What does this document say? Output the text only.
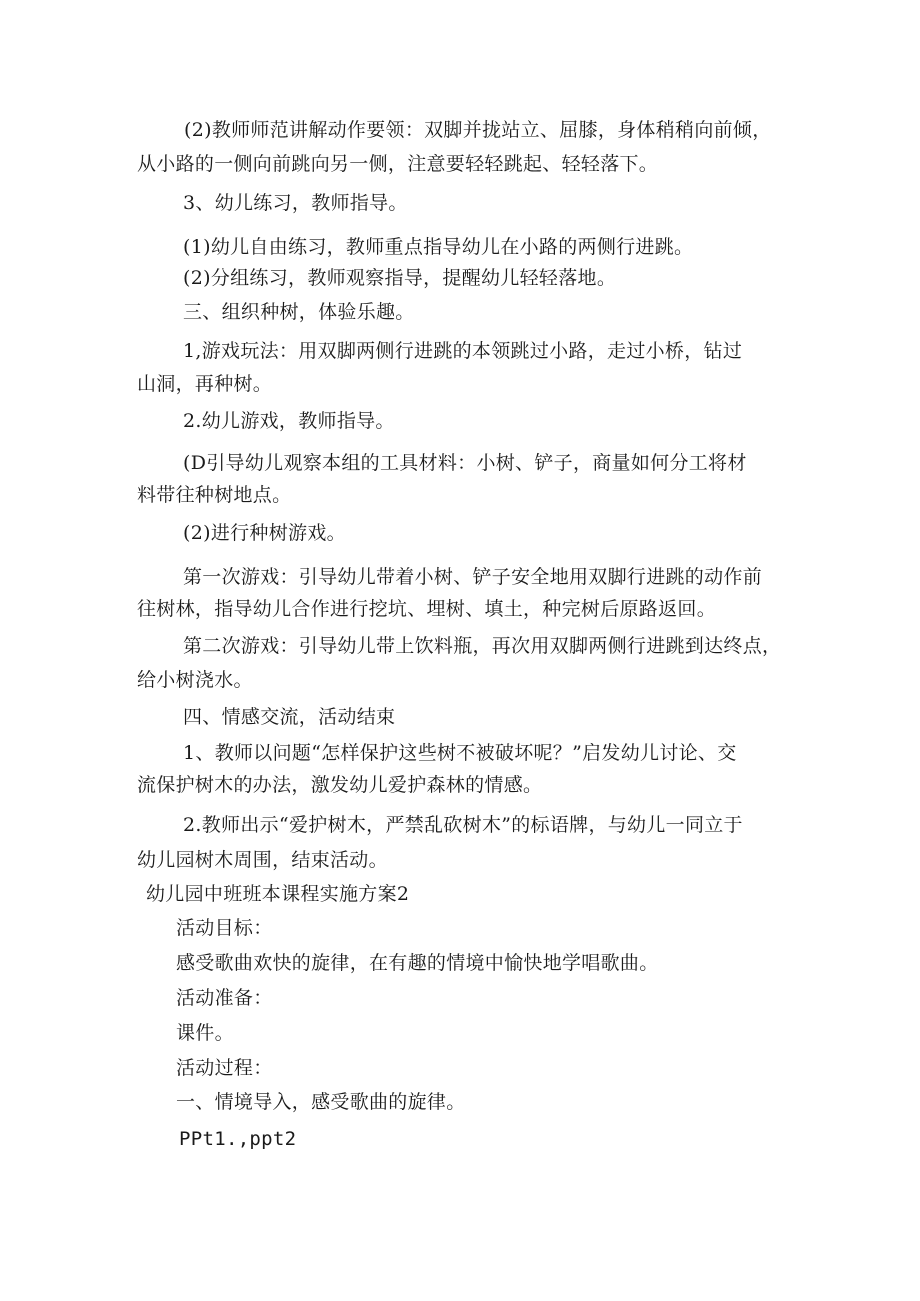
(2)教师师范讲解动作要领：双脚并拢站立、屈膝，身体稍稍向前倾，
从小路的一侧向前跳向另一侧，注意要轻轻跳起、轻轻落下。
3、幼儿练习，教师指导。
(1)幼儿自由练习，教师重点指导幼儿在小路的两侧行进跳。
(2)分组练习，教师观察指导，提醒幼儿轻轻落地。
三、组织种树，体验乐趣。
1,游戏玩法：用双脚两侧行进跳的本领跳过小路，走过小桥，钻过
山洞，再种树。
2.幼儿游戏，教师指导。
(D引导幼儿观察本组的工具材料：小树、铲子，商量如何分工将材
料带往种树地点。
(2)进行种树游戏。
第一次游戏：引导幼儿带着小树、铲子安全地用双脚行进跳的动作前
往树林，指导幼儿合作进行挖坑、埋树、填土，种完树后原路返回。
第二次游戏：引导幼儿带上饮料瓶，再次用双脚两侧行进跳到达终点，
给小树浇水。
四、情感交流，活动结束
1、教师以问题“怎样保护这些树不被破坏呢？”启发幼儿讨论、交
流保护树木的办法，激发幼儿爱护森林的情感。
2.教师出示“爱护树木，严禁乱砍树木”的标语牌，与幼儿一同立于
幼儿园树木周围，结束活动。
幼儿园中班班本课程实施方案2
活动目标：
感受歌曲欢快的旋律，在有趣的情境中愉快地学唱歌曲。
活动准备：
课件。
活动过程：
一、情境导入，感受歌曲的旋律。
PPt1.,ppt2
